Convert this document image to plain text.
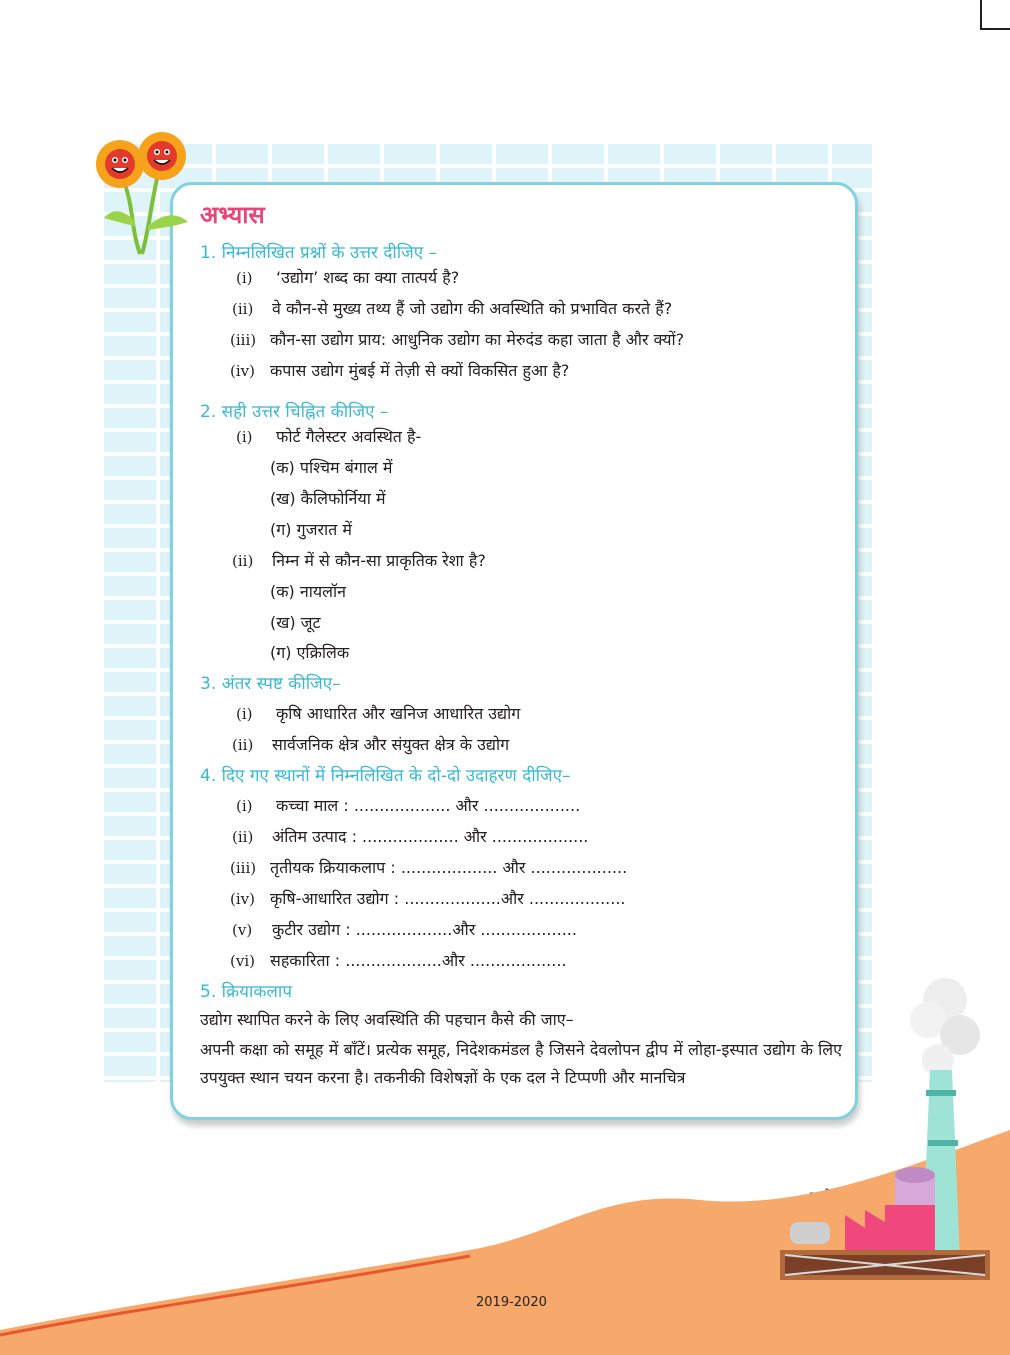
अभ्यास
1. निम्नलिखित प्रश्नों के उत्तर दीजिए –
(i) ‘उद्योग’ शब्द का क्या तात्पर्य है?
(ii) वे कौन-से मुख्य तथ्य हैं जो उद्योग की अवस्थिति को प्रभावित करते हैं?
(iii) कौन-सा उद्योग प्राय: आधुनिक उद्योग का मेरुदंड कहा जाता है और क्यों?
(iv) कपास उद्योग मुंबई में तेज़ी से क्यों विकसित हुआ है?
2. सही उत्तर चिह्नित कीजिए –
(i) फोर्ट गैलेस्टर अवस्थित है-
(क) पश्चिम बंगाल में
(ख) कैलिफोर्निया में
(ग) गुजरात में
(ii) निम्न में से कौन-सा प्राकृतिक रेशा है?
(क) नायलॉन
(ख) जूट
(ग) एक्रिलिक
3. अंतर स्पष्ट कीजिए–
(i) कृषि आधारित और खनिज आधारित उद्योग
(ii) सार्वजनिक क्षेत्र और संयुक्त क्षेत्र के उद्योग
4. दिए गए स्थानों में निम्नलिखित के दो-दो उदाहरण दीजिए–
(i) कच्चा माल : ................... और ...................
(ii) अंतिम उत्पाद : ................... और ...................
(iii) तृतीयक क्रियाकलाप : ................... और ...................
(iv) कृषि-आधारित उद्योग : ...................और ...................
(v) कुटीर उद्योग : ...................और ...................
(vi) सहकारिता : ...................और ...................
5. क्रियाकलाप
उद्योग स्थापित करने के लिए अवस्थिति की पहचान कैसे की जाए–
अपनी कक्षा को समूह में बाँटें। प्रत्येक समूह, निदेशकमंडल है जिसने देवलोपन द्वीप में लोहा-इस्पात उद्योग के लिए उपयुक्त स्थान चयन करना है। तकनीकी विशेषज्ञों के एक दल ने टिप्पणी और मानचित्र
2019-2020
